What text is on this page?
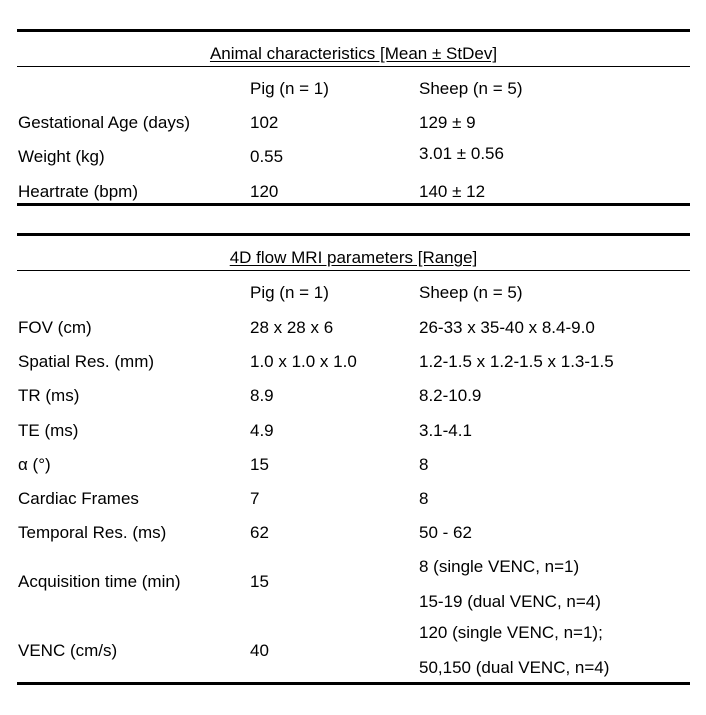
Animal characteristics [Mean ± StDev]
Pig (n = 1)	Sheep (n = 5)
Gestational Age (days)	102	129 ± 9
Weight (kg)	0.55	3.01 ± 0.56
Heartrate (bpm)	120	140 ± 12
4D flow MRI parameters [Range]
Pig (n = 1)	Sheep (n = 5)
FOV (cm)	28 x 28 x 6	26-33 x 35-40 x 8.4-9.0
Spatial Res. (mm)	1.0 x 1.0 x 1.0	1.2-1.5 x 1.2-1.5 x 1.3-1.5
TR (ms)	8.9	8.2-10.9
TE (ms)	4.9	3.1-4.1
α (°)	15	8
Cardiac Frames	7	8
Temporal Res. (ms)	62	50 - 62
Acquisition time (min)	15
8 (single VENC, n=1)
15-19 (dual VENC, n=4)
VENC (cm/s)	40
120 (single VENC, n=1);
50,150 (dual VENC, n=4)
